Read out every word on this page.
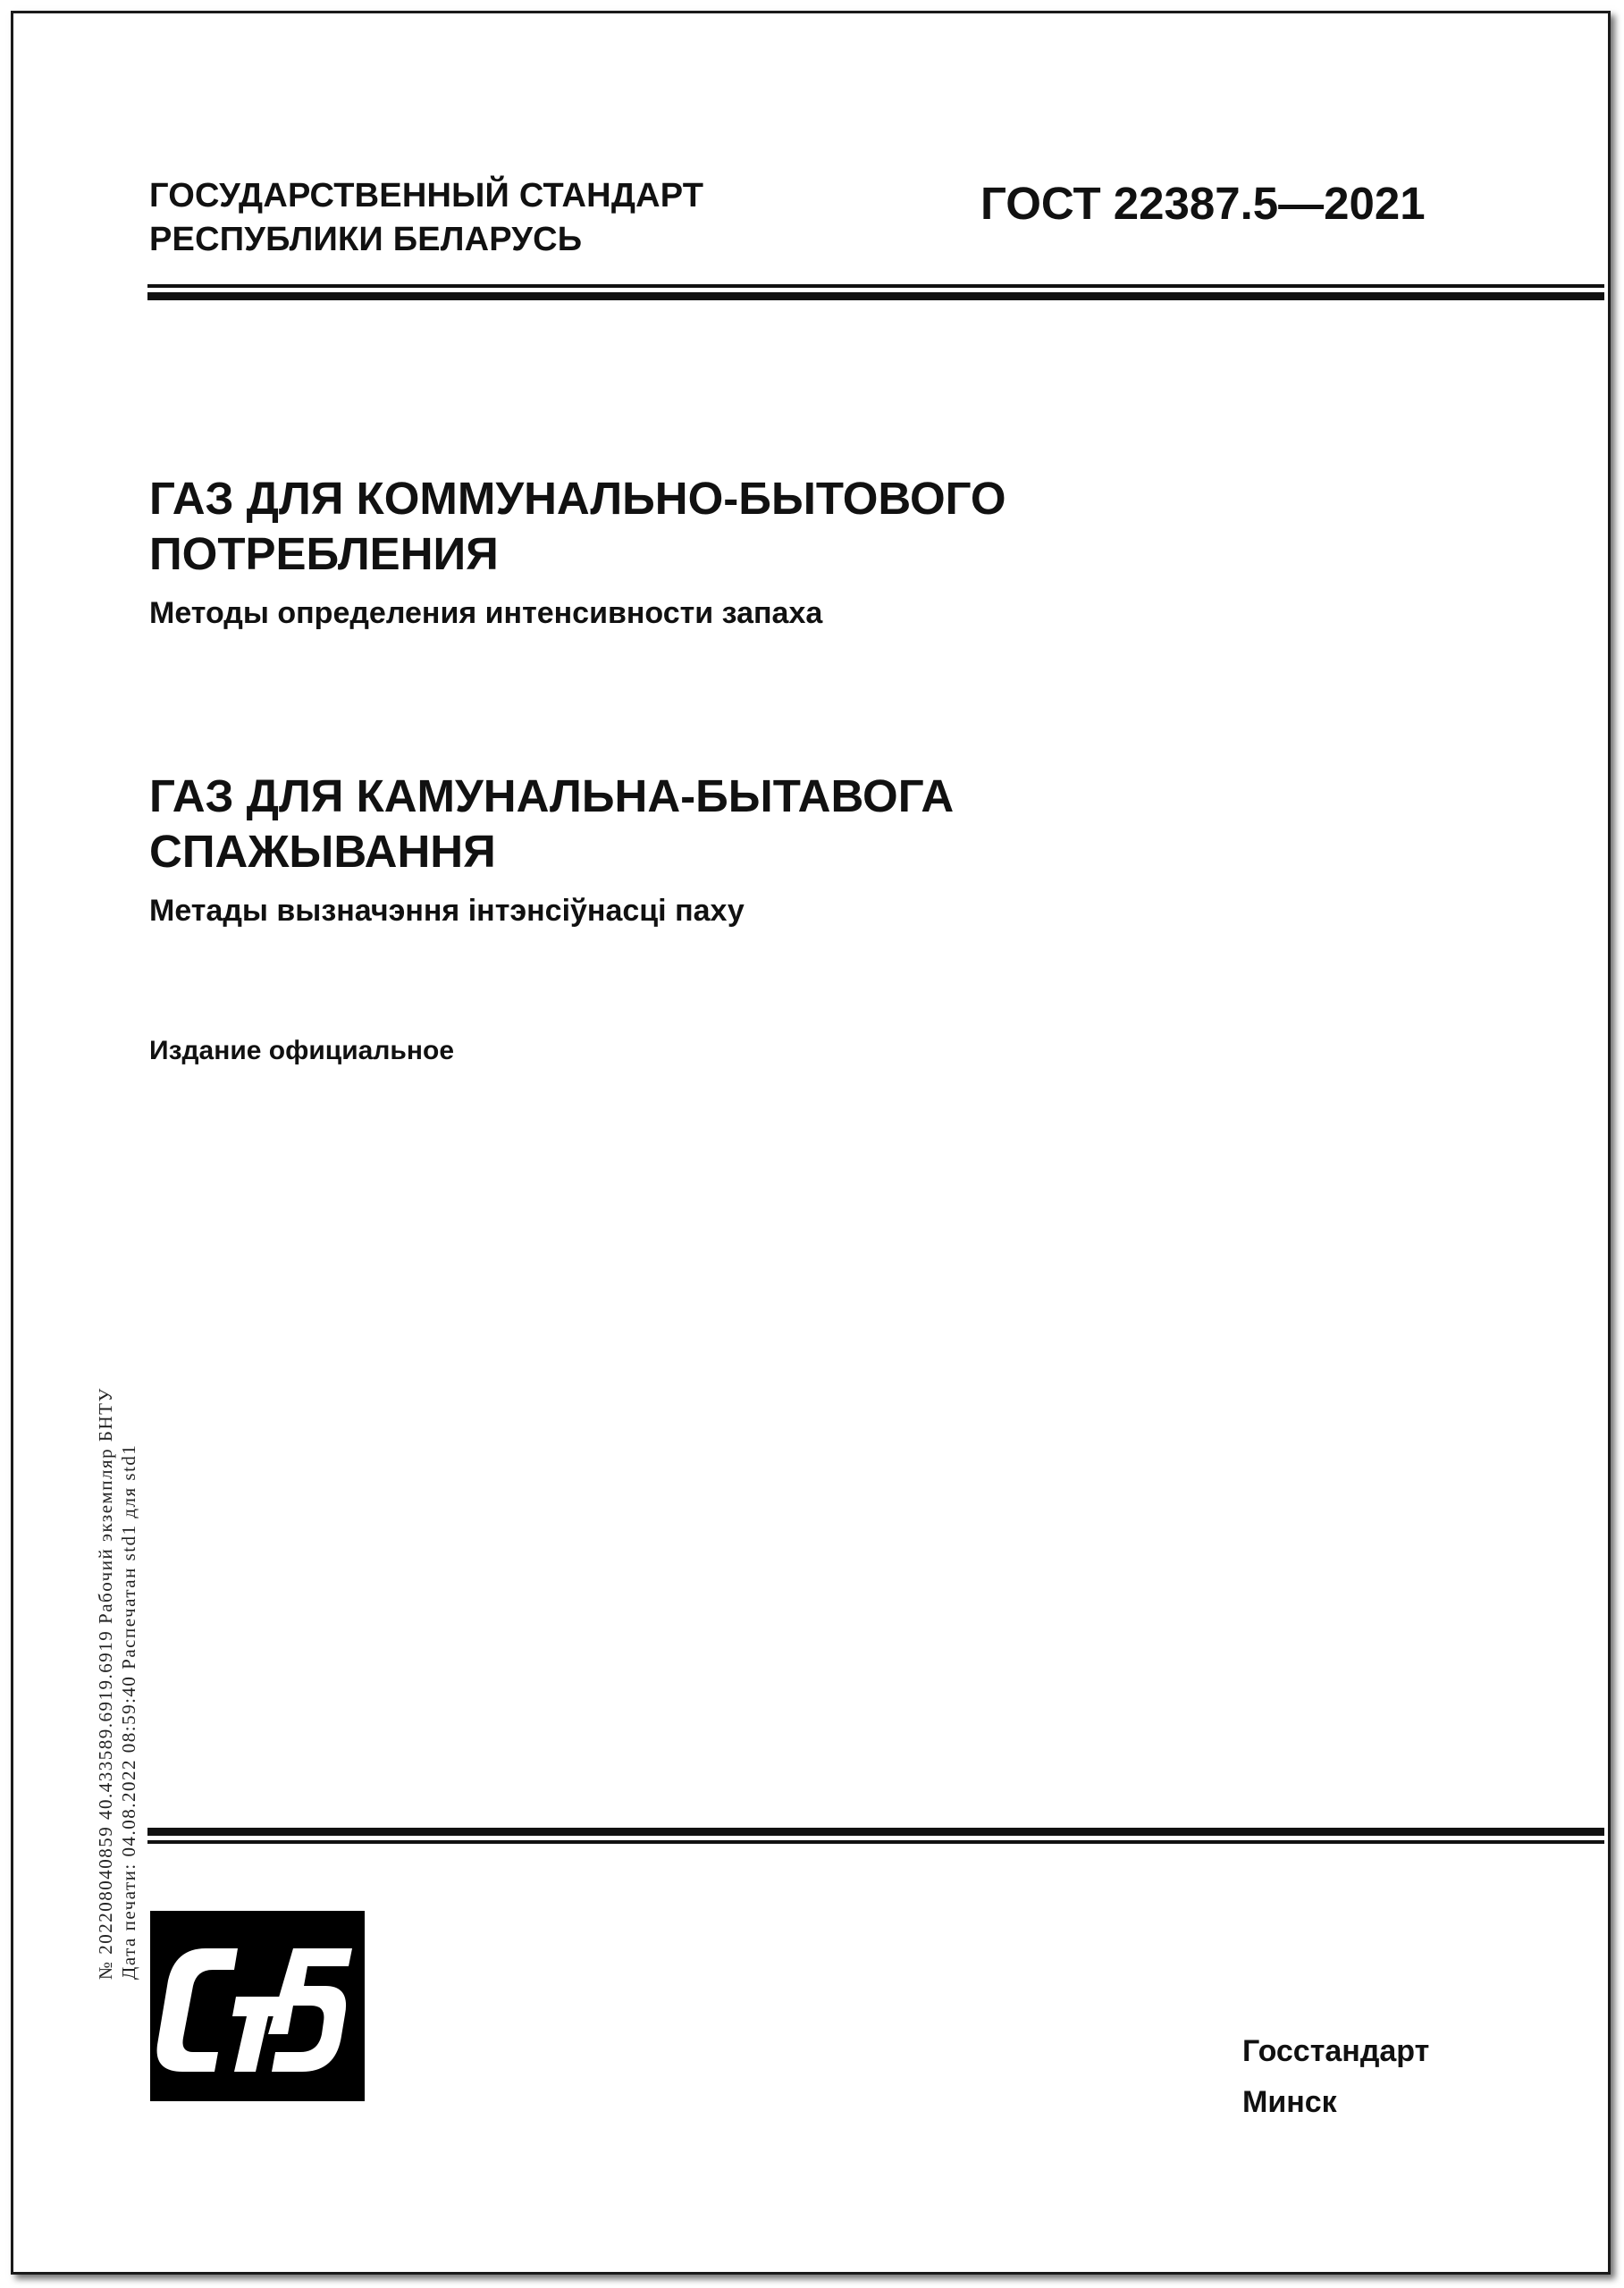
ГОСУДАРСТВЕННЫЙ СТАНДАРТ
РЕСПУБЛИКИ БЕЛАРУСЬ
ГОСТ 22387.5—2021
ГАЗ ДЛЯ КОММУНАЛЬНО-БЫТОВОГО
ПОТРЕБЛЕНИЯ
Методы определения интенсивности запаха
ГАЗ ДЛЯ КАМУНАЛЬНА-БЫТАВОГА
СПАЖЫВАННЯ
Метады вызначэння інтэнсіўнасці паху
Издание официальное
№ 202208040859 40.433589.6919.6919 Рабочий экземпляр БНТУ Дата печати: 04.08.2022 08:59:40 Распечатан std1 для std1
Госстандарт
Минск
